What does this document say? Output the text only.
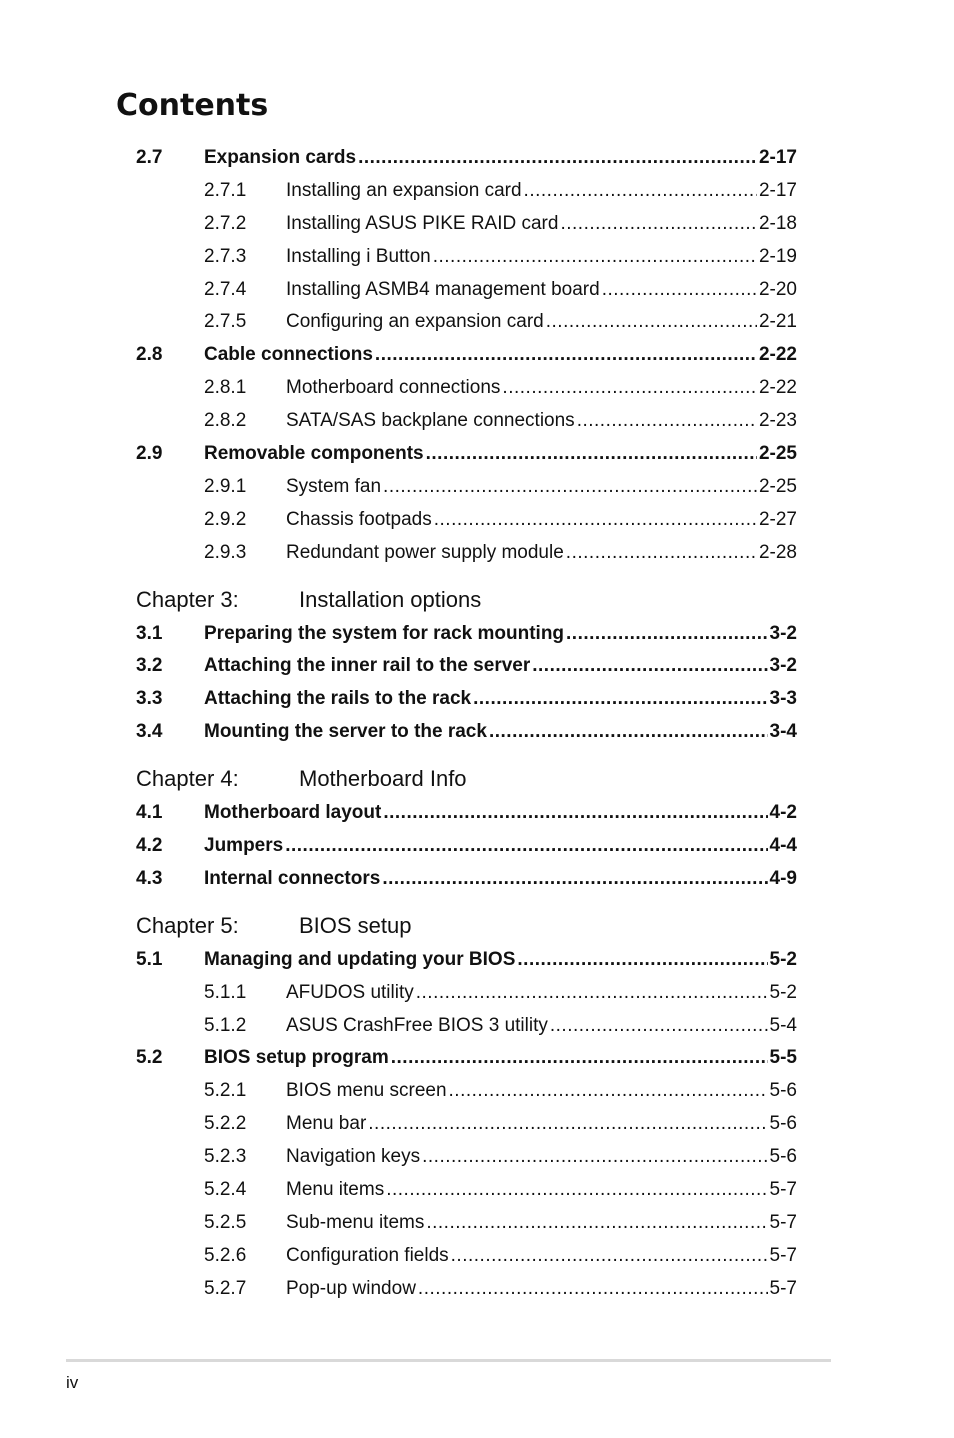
Contents
2.7	Expansion cards .....	2-17
2.7.1	Installing an expansion card .....	2-17
2.7.2	Installing ASUS PIKE RAID card .....	2-18
2.7.3	Installing i Button .....	2-19
2.7.4	Installing ASMB4 management board .....	2-20
2.7.5	Configuring an expansion card .....	2-21
2.8	Cable connections .....	2-22
2.8.1	Motherboard connections .....	2-22
2.8.2	SATA/SAS backplane connections .....	2-23
2.9	Removable components .....	2-25
2.9.1	System fan .....	2-25
2.9.2	Chassis footpads .....	2-27
2.9.3	Redundant power supply module .....	2-28
Chapter 3:	Installation options
3.1	Preparing the system for rack mounting .....	3-2
3.2	Attaching the inner rail to the server .....	3-2
3.3	Attaching the rails to the rack .....	3-3
3.4	Mounting the server to the rack .....	3-4
Chapter 4:	Motherboard Info
4.1	Motherboard layout .....	4-2
4.2	Jumpers .....	4-4
4.3	Internal connectors .....	4-9
Chapter 5:	BIOS setup
5.1	Managing and updating your BIOS .....	5-2
5.1.1	AFUDOS utility .....	5-2
5.1.2	ASUS CrashFree BIOS 3 utility .....	5-4
5.2	BIOS setup program .....	5-5
5.2.1	BIOS menu screen .....	5-6
5.2.2	Menu bar .....	5-6
5.2.3	Navigation keys .....	5-6
5.2.4	Menu items .....	5-7
5.2.5	Sub-menu items .....	5-7
5.2.6	Configuration fields .....	5-7
5.2.7	Pop-up window .....	5-7
iv
